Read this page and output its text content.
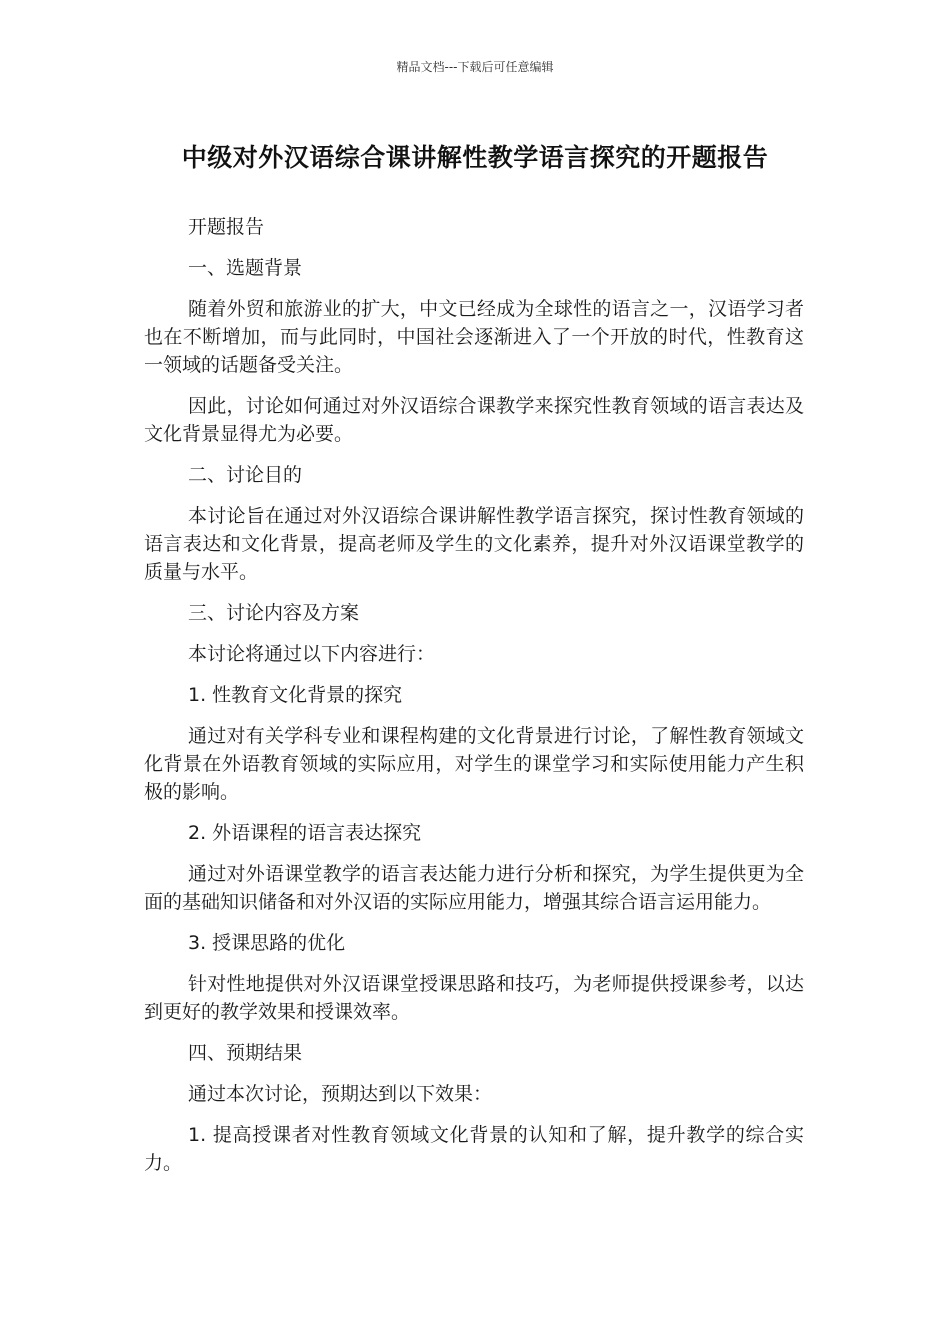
精品文档---下载后可任意编辑
中级对外汉语综合课讲解性教学语言探究的开题报告

开题报告

一、选题背景

随着外贸和旅游业的扩大，中文已经成为全球性的语言之一，汉语学习者也在不断增加，而与此同时，中国社会逐渐进入了一个开放的时代，性教育这一领域的话题备受关注。

因此，讨论如何通过对外汉语综合课教学来探究性教育领域的语言表达及文化背景显得尤为必要。

二、讨论目的

本讨论旨在通过对外汉语综合课讲解性教学语言探究，探讨性教育领域的语言表达和文化背景，提高老师及学生的文化素养，提升对外汉语课堂教学的质量与水平。

三、讨论内容及方案

本讨论将通过以下内容进行：

1. 性教育文化背景的探究

通过对有关学科专业和课程构建的文化背景进行讨论，了解性教育领域文化背景在外语教育领域的实际应用，对学生的课堂学习和实际使用能力产生积极的影响。

2. 外语课程的语言表达探究

通过对外语课堂教学的语言表达能力进行分析和探究，为学生提供更为全面的基础知识储备和对外汉语的实际应用能力，增强其综合语言运用能力。

3. 授课思路的优化

针对性地提供对外汉语课堂授课思路和技巧，为老师提供授课参考，以达到更好的教学效果和授课效率。

四、预期结果

通过本次讨论，预期达到以下效果：

1. 提高授课者对性教育领域文化背景的认知和了解，提升教学的综合实力。
